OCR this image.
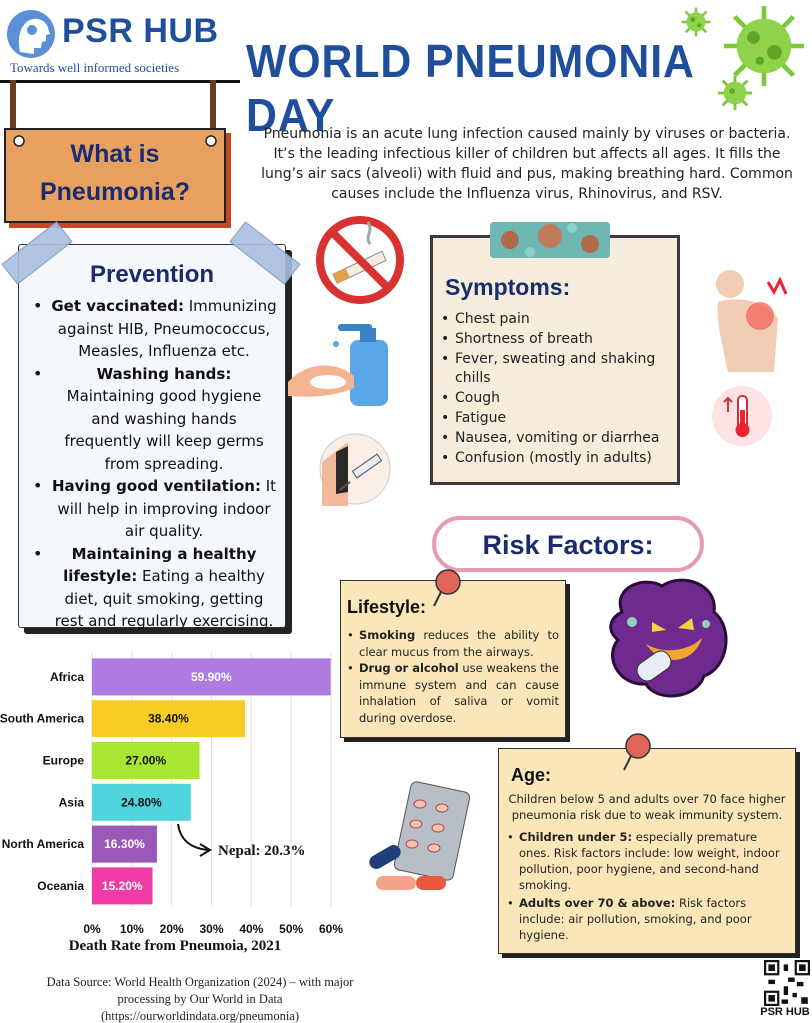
PSR HUB
Towards well informed societies WORLD PNEUMONIA DAY
What is
Pneumonia?
Pneumonia is an acute lung infection caused mainly by viruses or bacteria.
It’s the leading infectious killer of children but affects all ages. It fills the
lung’s air sacs (alveoli) with fluid and pus, making breathing hard. Common
causes include the Influenza virus, Rhinovirus, and RSV.
Prevention
• Get vaccinated: Immunizing against HIB, Pneumococcus, Measles, Influenza etc.
• Washing hands: Maintaining good hygiene and washing hands frequently will keep germs from spreading.
• Having good ventilation: It will help in improving indoor air quality.
• Maintaining a healthy lifestyle: Eating a healthy diet, quit smoking, getting rest and regularly exercising.
Symptoms:
• Chest pain
• Shortness of breath
• Fever, sweating and shaking chills
• Cough
• Fatigue
• Nausea, vomiting or diarrhea
• Confusion (mostly in adults)
Risk Factors:
Lifestyle:
• Smoking reduces the ability to clear mucus from the airways.
• Drug or alcohol use weakens the immune system and can cause inhalation of saliva or vomit during overdose.
Age:
Children below 5 and adults over 70 face higher pneumonia risk due to weak immunity system.
• Children under 5: especially premature ones. Risk factors include: low weight, indoor pollution, poor hygiene, and second-hand smoking.
• Adults over 70 & above: Risk factors include: air pollution, smoking, and poor hygiene.
59.90%
38.40%
27.00%
24.80%
16.30%
15.20%
Africa
South America
Europe
Asia
North America
Oceania
0% 10% 20% 30% 40% 50% 60%
Nepal: 20.3%
Death Rate from Pneumoia, 2021
Data Source: World Health Organization (2024) – with major
processing by Our World in Data
(https://ourworldindata.org/pneumonia)	PSR HUB
